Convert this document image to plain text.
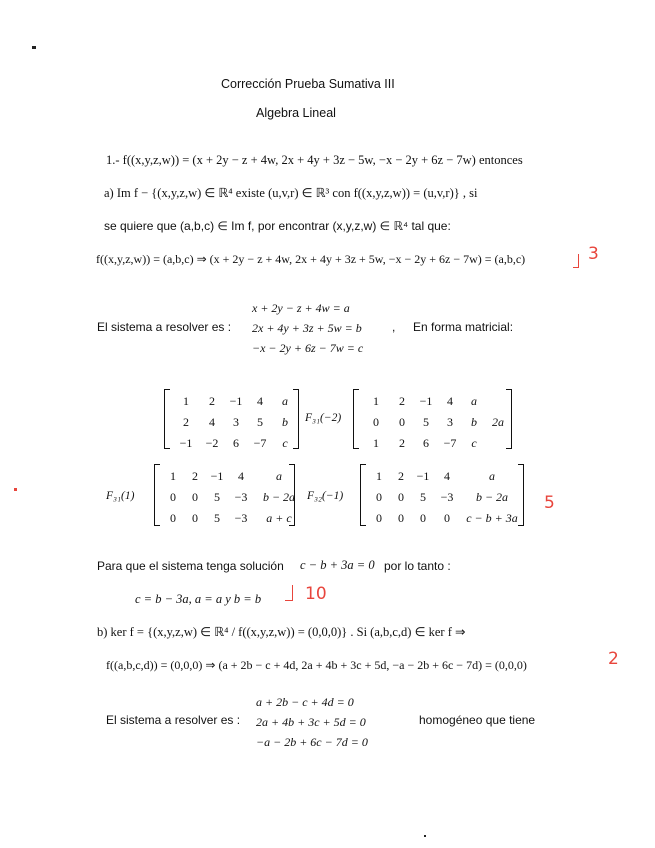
Corrección Prueba Sumativa III
Algebra Lineal
1.- f((x,y,z,w)) = (x + 2y − z + 4w, 2x + 4y + 3z − 5w, −x − 2y + 6z − 7w) entonces
a) Im f − {(x,y,z,w) ∈ ℝ⁴ existe (u,v,r) ∈ ℝ³ con f((x,y,z,w)) = (u,v,r)} , si
se quiere que (a,b,c) ∈ Im f, por encontrar (x,y,z,w) ∈ ℝ⁴ tal que:
f((x,y,z,w)) = (a,b,c) ⇒ (x + 2y − z + 4w, 2x + 4y + 3z + 5w, −x − 2y + 6z − 7w) = (a,b,c)	3
El sistema a resolver es :
x + 2y − z + 4w = a
2x + 4y + 3z + 5w = b
−x − 2y + 6z − 7w = c
, En forma matricial:
1	2	−1	4	a
2	4	3	5	b
−1	−2	6	−7	c
F₃₁(−2)
1	2	−1	4	a	
0	0	5	3	b	2a
1	2	6	−7	c	
F₃₁(1)
1	2	−1	4	a
0	0	5	−3	b − 2a
0	0	5	−3	a + c
F₃₂(−1)
1	2	−1	4	a
0	0	5	−3	b − 2a
0	0	0	0	c − b + 3a
5
Para que el sistema tenga solución c − b + 3a = 0 por lo tanto :
c = b − 3a, a = a y b = b	10
b) ker f = {(x,y,z,w) ∈ ℝ⁴ / f((x,y,z,w)) = (0,0,0)} . Si (a,b,c,d) ∈ ker f ⇒
f((a,b,c,d)) = (0,0,0) ⇒ (a + 2b − c + 4d, 2a + 4b + 3c + 5d, −a − 2b + 6c − 7d) = (0,0,0)	2
El sistema a resolver es :
a + 2b − c + 4d = 0
2a + 4b + 3c + 5d = 0
−a − 2b + 6c − 7d = 0
homogéneo que tiene
